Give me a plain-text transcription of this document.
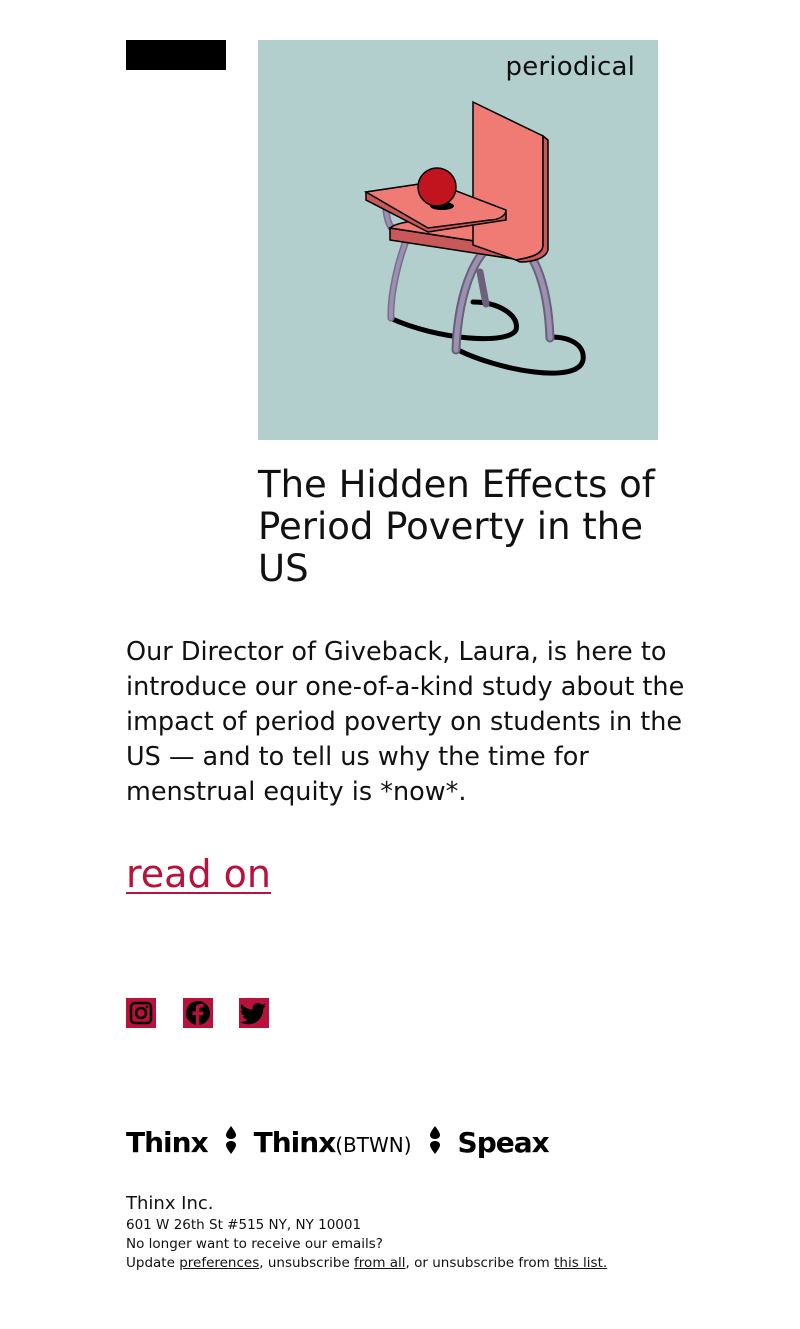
periodical
The Hidden Effects of Period Poverty in the US

Our Director of Giveback, Laura, is here to introduce our one-of-a-kind study about the impact of period poverty on students in the US — and to tell us why the time for menstrual equity is *now*.

read on
Thinx Thinx(BTWN) Speax
Thinx Inc.
601 W 26th St #515 NY, NY 10001
No longer want to receive our emails?
Update preferences, unsubscribe from all, or unsubscribe from this list.
